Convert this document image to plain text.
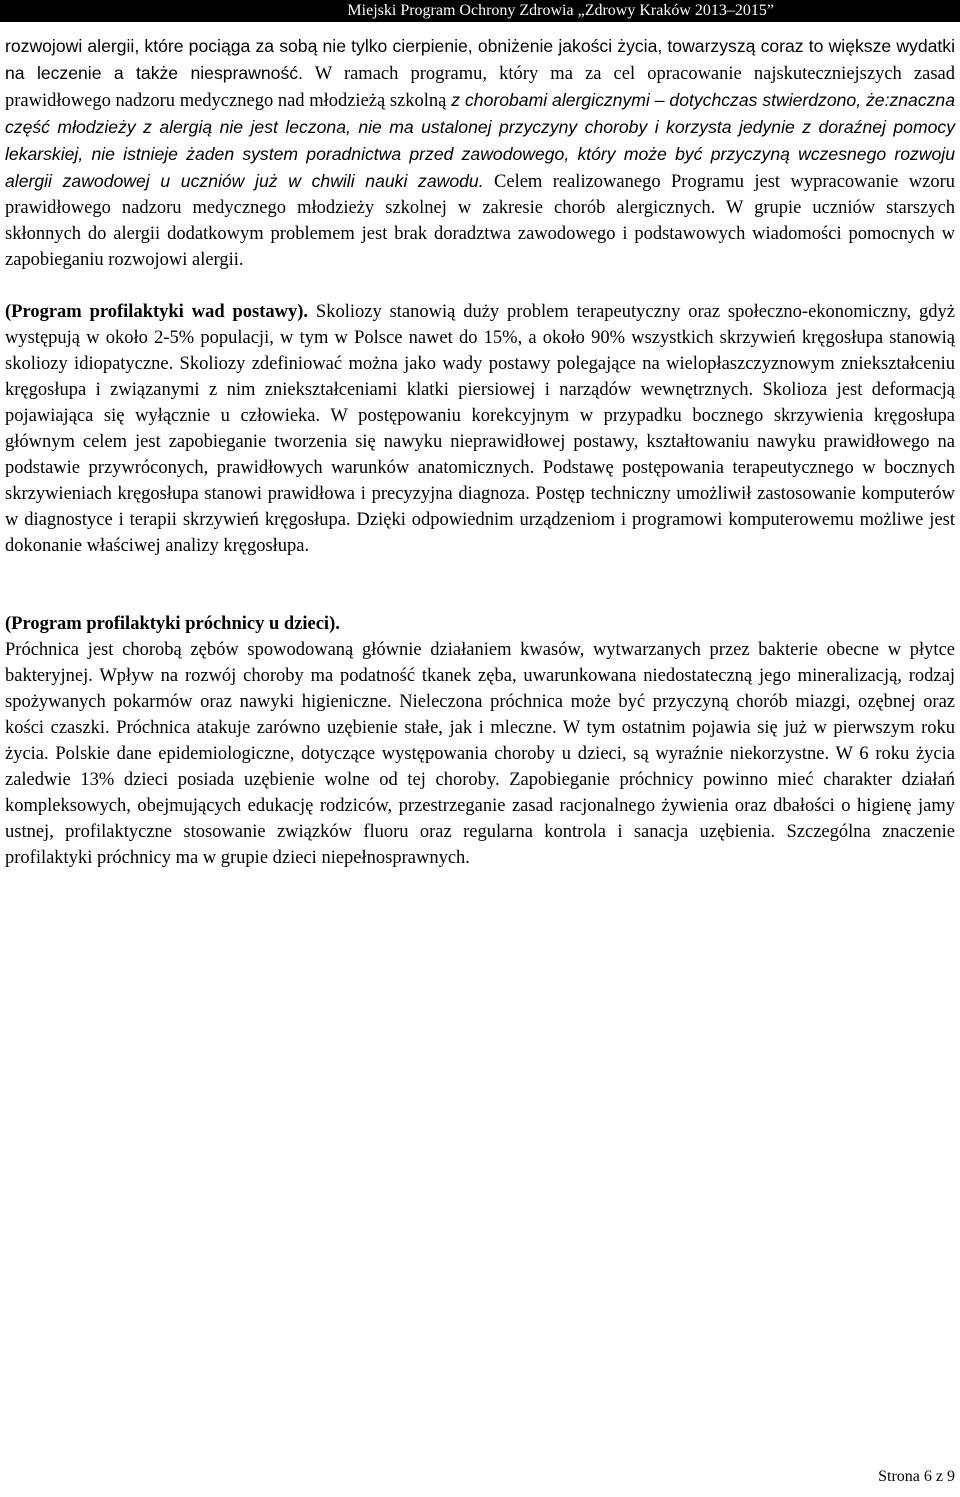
Miejski Program Ochrony Zdrowia „Zdrowy Kraków 2013–2015”

rozwojowi alergii, które pociąga za sobą nie tylko cierpienie, obniżenie jakości życia, towarzyszą coraz to większe wydatki na leczenie a także niesprawność. W ramach programu, który ma za cel opracowanie najskuteczniejszych zasad prawidłowego nadzoru medycznego nad młodzieżą szkolną z chorobami alergicznymi – dotychczas stwierdzono, że:znaczna część młodzieży z alergią nie jest leczona, nie ma ustalonej przyczyny choroby i korzysta jedynie z doraźnej pomocy lekarskiej, nie istnieje żaden system poradnictwa przed zawodowego, który może być przyczyną wczesnego rozwoju alergii zawodowej u uczniów już w chwili nauki zawodu. Celem realizowanego Programu jest wypracowanie wzoru prawidłowego nadzoru medycznego młodzieży szkolnej w zakresie chorób alergicznych. W grupie uczniów starszych skłonnych do alergii dodatkowym problemem jest brak doradztwa zawodowego i podstawowych wiadomości pomocnych w zapobieganiu rozwojowi alergii.

(Program profilaktyki wad postawy). Skoliozy stanowią duży problem terapeutyczny oraz społeczno-ekonomiczny, gdyż występują w około 2-5% populacji, w tym w Polsce nawet do 15%, a około 90% wszystkich skrzywień kręgosłupa stanowią skoliozy idiopatyczne. Skoliozy zdefiniować można jako wady postawy polegające na wielopłaszczyznowym zniekształceniu kręgosłupa i związanymi z nim zniekształceniami klatki piersiowej i narządów wewnętrznych. Skolioza jest deformacją pojawiająca się wyłącznie u człowieka. W postępowaniu korekcyjnym w przypadku bocznego skrzywienia kręgosłupa głównym celem jest zapobieganie tworzenia się nawyku nieprawidłowej postawy, kształtowaniu nawyku prawidłowego na podstawie przywróconych, prawidłowych warunków anatomicznych. Podstawę postępowania terapeutycznego w bocznych skrzywieniach kręgosłupa stanowi prawidłowa i precyzyjna diagnoza. Postęp techniczny umożliwił zastosowanie komputerów w diagnostyce i terapii skrzywień kręgosłupa. Dzięki odpowiednim urządzeniom i programowi komputerowemu możliwe jest dokonanie właściwej analizy kręgosłupa.

(Program profilaktyki próchnicy u dzieci).

Próchnica jest chorobą zębów spowodowaną głównie działaniem kwasów, wytwarzanych przez bakterie obecne w płytce bakteryjnej. Wpływ na rozwój choroby ma podatność tkanek zęba, uwarunkowana niedostateczną jego mineralizacją, rodzaj spożywanych pokarmów oraz nawyki higieniczne. Nieleczona próchnica może być przyczyną chorób miazgi, ozębnej oraz kości czaszki. Próchnica atakuje zarówno uzębienie stałe, jak i mleczne. W tym ostatnim pojawia się już w pierwszym roku życia. Polskie dane epidemiologiczne, dotyczące występowania choroby u dzieci, są wyraźnie niekorzystne. W 6 roku życia zaledwie 13% dzieci posiada uzębienie wolne od tej choroby. Zapobieganie próchnicy powinno mieć charakter działań kompleksowych, obejmujących edukację rodziców, przestrzeganie zasad racjonalnego żywienia oraz dbałości o higienę jamy ustnej, profilaktyczne stosowanie związków fluoru oraz regularna kontrola i sanacja uzębienia. Szczególna znaczenie profilaktyki próchnicy ma w grupie dzieci niepełnosprawnych.

Strona 6 z 9
